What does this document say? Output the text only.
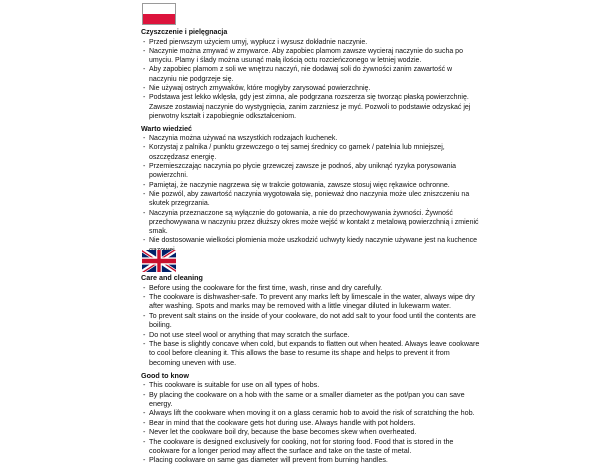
Czyszczenie i pielęgnacja
- Przed pierwszym użyciem umyj, wypłucz i wysusz dokładnie naczynie.
- Naczynie można zmywać w zmywarce. Aby zapobiec plamom zawsze wycieraj naczynie do sucha po umyciu. Plamy i ślady można usunąć małą ilością octu rozcieńczonego w letniej wodzie.
- Aby zapobiec plamom z soli we wnętrzu naczyń, nie dodawaj soli do żywności zanim zawartość w naczyniu nie podgrzeje się.
- Nie używaj ostrych zmywaków, które mogłyby zarysować powierzchnię.
- Podstawa jest lekko wklęsła, gdy jest zimna, ale podgrzana rozszerza się tworząc płaską powierzchnię. Zawsze zostawiaj naczynie do wystygnięcia, zanim zarzniesz je myć. Pozwoli to podstawie odzyskać jej pierwotny kształt i zapobiegnie odkształceniom.
Warto wiedzieć
- Naczynia można używać na wszystkich rodzajach kuchenek.
- Korzystaj z palnika / punktu grzewczego o tej samej średnicy co garnek / patelnia lub mniejszej, oszczędzasz energię.
- Przemieszczając naczynia po płycie grzewczej zawsze je podnoś, aby uniknąć ryzyka porysowania powierzchni.
- Pamiętaj, że naczynie nagrzewa się w trakcie gotowania, zawsze stosuj więc rękawice ochronne.
- Nie pozwól, aby zawartość naczynia wygotowała się, ponieważ dno naczynia może ulec zniszczeniu na skutek przegrzania.
- Naczynia przeznaczone są wyłącznie do gotowania, a nie do przechowywania żywności. Żywność przechowywana w naczyniu przez dłuższy okres może wejść w kontakt z metalową powierzchnią i zmienić smak.
- Nie dostosowanie wielkości płomienia może uszkodzić uchwyty kiedy naczynie używane jest na kuchence
Care and cleaning
- Before using the cookware for the first time, wash, rinse and dry carefully.
- The cookware is dishwasher-safe. To prevent any marks left by limescale in the water, always wipe dry after washing. Spots and marks may be removed with a little vinegar diluted in lukewarm water.
- To prevent salt stains on the inside of your cookware, do not add salt to your food until the contents are boiling.
- Do not use steel wool or anything that may scratch the surface.
- The base is slightly concave when cold, but expands to flatten out when heated. Always leave cookware to cool before cleaning it. This allows the base to resume its shape and helps to prevent it from becoming uneven with use.
Good to know
- This cookware is suitable for use on all types of hobs.
- By placing the cookware on a hob with the same or a smaller diameter as the pot/pan you can save energy.
- Always lift the cookware when moving it on a glass ceramic hob to avoid the risk of scratching the hob.
- Bear in mind that the cookware gets hot during use. Always handle with pot holders.
- Never let the cookware boil dry, because the base becomes skew when overheated.
- The cookware is designed exclusively for cooking, not for storing food. Food that is stored in the cookware for a longer period may affect the surface and take on the taste of metal.
- Placing cookware on same gas diameter will prevent from burning handles.
